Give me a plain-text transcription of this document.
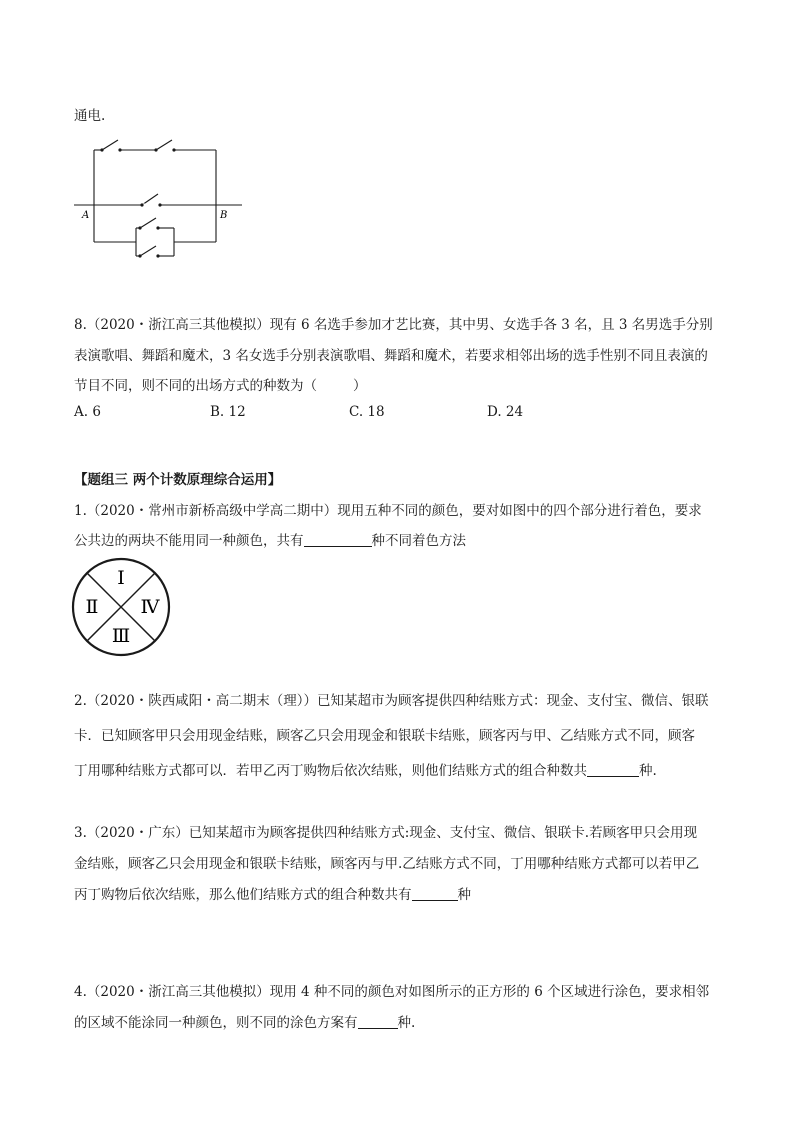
通电.
A	B
8.（2020・浙江高三其他模拟）现有 6 名选手参加才艺比赛，其中男、女选手各 3 名，且 3 名男选手分别
表演歌唱、舞蹈和魔术，3 名女选手分别表演歌唱、舞蹈和魔术，若要求相邻出场的选手性别不同且表演的
节目不同，则不同的出场方式的种数为（	）
A. 6	B. 12	C. 18	D. 24
【题组三 两个计数原理综合运用】
1.（2020・常州市新桥高级中学高二期中）现用五种不同的颜色，要对如图中的四个部分进行着色，要求
公共边的两块不能用同一种颜色，共有	种不同着色方法
Ⅰ
Ⅱ
Ⅲ
Ⅳ
2.（2020・陕西咸阳・高二期末（理））已知某超市为顾客提供四种结账方式：现金、支付宝、微信、银联
卡．已知顾客甲只会用现金结账，顾客乙只会用现金和银联卡结账，顾客丙与甲、乙结账方式不同，顾客
丁用哪种结账方式都可以．若甲乙丙丁购物后依次结账，则他们结账方式的组合种数共	种.
3.（2020・广东）已知某超市为顾客提供四种结账方式:现金、支付宝、微信、银联卡.若顾客甲只会用现
金结账，顾客乙只会用现金和银联卡结账，顾客丙与甲.乙结账方式不同，丁用哪种结账方式都可以若甲乙
丙丁购物后依次结账，那么他们结账方式的组合种数共有	种
4.（2020・浙江高三其他模拟）现用 4 种不同的颜色对如图所示的正方形的 6 个区域进行涂色，要求相邻
的区域不能涂同一种颜色，则不同的涂色方案有	种.
